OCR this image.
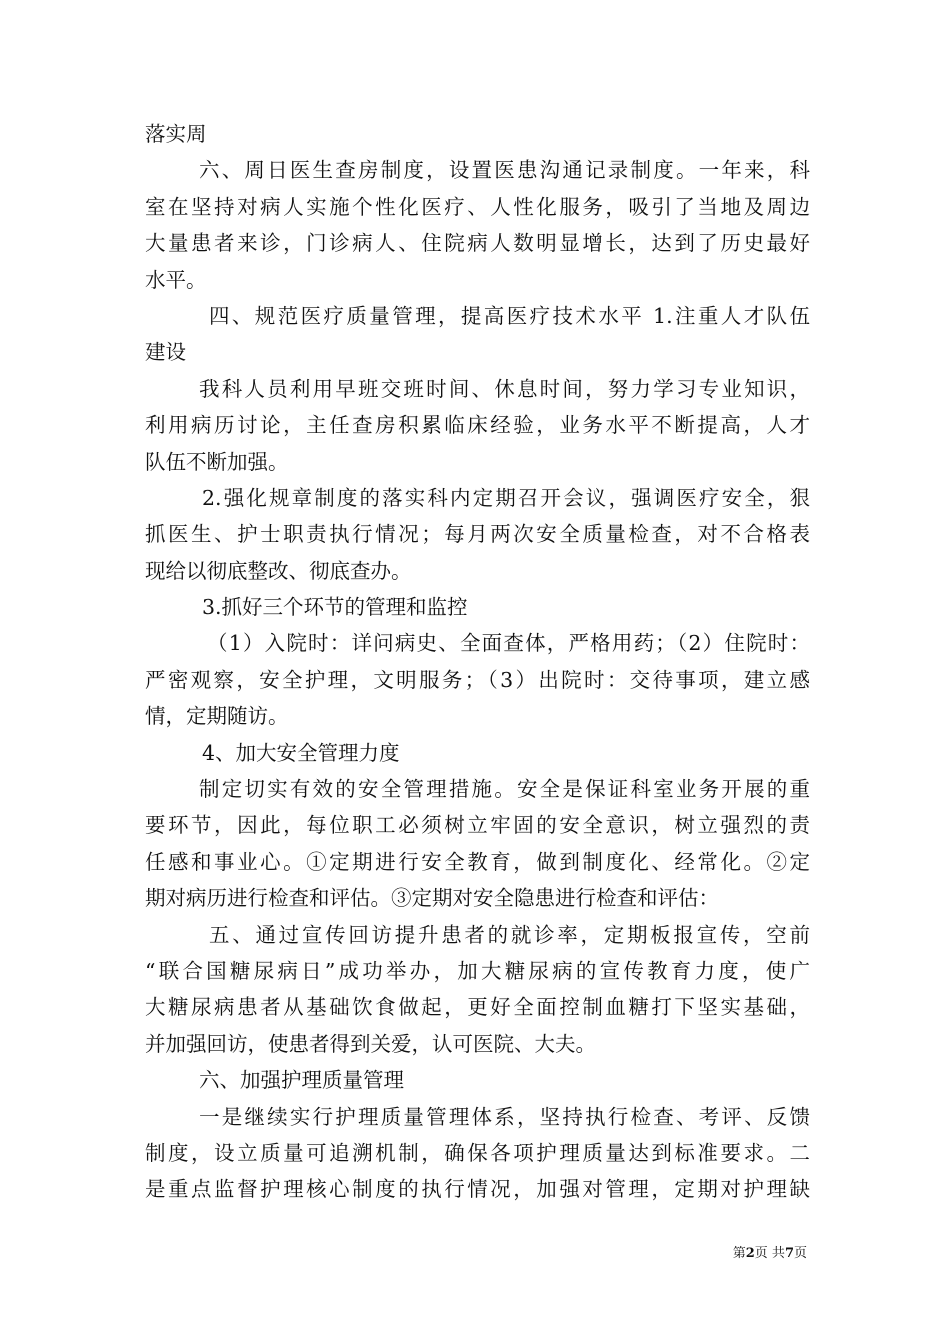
落实周
六、周日医生查房制度，设置医患沟通记录制度。一年来，科
室在坚持对病人实施个性化医疗、人性化服务，吸引了当地及周边
大量患者来诊，门诊病人、住院病人数明显增长，达到了历史最好
水平。
四、规范医疗质量管理，提高医疗技术水平 1.注重人才队伍
建设
我科人员利用早班交班时间、休息时间，努力学习专业知识，
利用病历讨论，主任查房积累临床经验，业务水平不断提高，人才
队伍不断加强。
2.强化规章制度的落实科内定期召开会议，强调医疗安全，狠
抓医生、护士职责执行情况；每月两次安全质量检查，对不合格表
现给以彻底整改、彻底查办。
3.抓好三个环节的管理和监控
（1）入院时：详问病史、全面查体，严格用药；（2）住院时：
严密观察，安全护理，文明服务；（3）出院时：交待事项，建立感
情，定期随访。
4、加大安全管理力度
制定切实有效的安全管理措施。安全是保证科室业务开展的重
要环节，因此，每位职工必须树立牢固的安全意识，树立强烈的责
任感和事业心。①定期进行安全教育，做到制度化、经常化。②定
期对病历进行检查和评估。③定期对安全隐患进行检查和评估：
五、通过宣传回访提升患者的就诊率，定期板报宣传，空前
“联合国糖尿病日”成功举办，加大糖尿病的宣传教育力度，使广
大糖尿病患者从基础饮食做起，更好全面控制血糖打下坚实基础，
并加强回访，使患者得到关爱，认可医院、大夫。
六、加强护理质量管理
一是继续实行护理质量管理体系，坚持执行检查、考评、反馈
制度，设立质量可追溯机制，确保各项护理质量达到标准要求。二
是重点监督护理核心制度的执行情况，加强对管理，定期对护理缺
第2页 共7页
